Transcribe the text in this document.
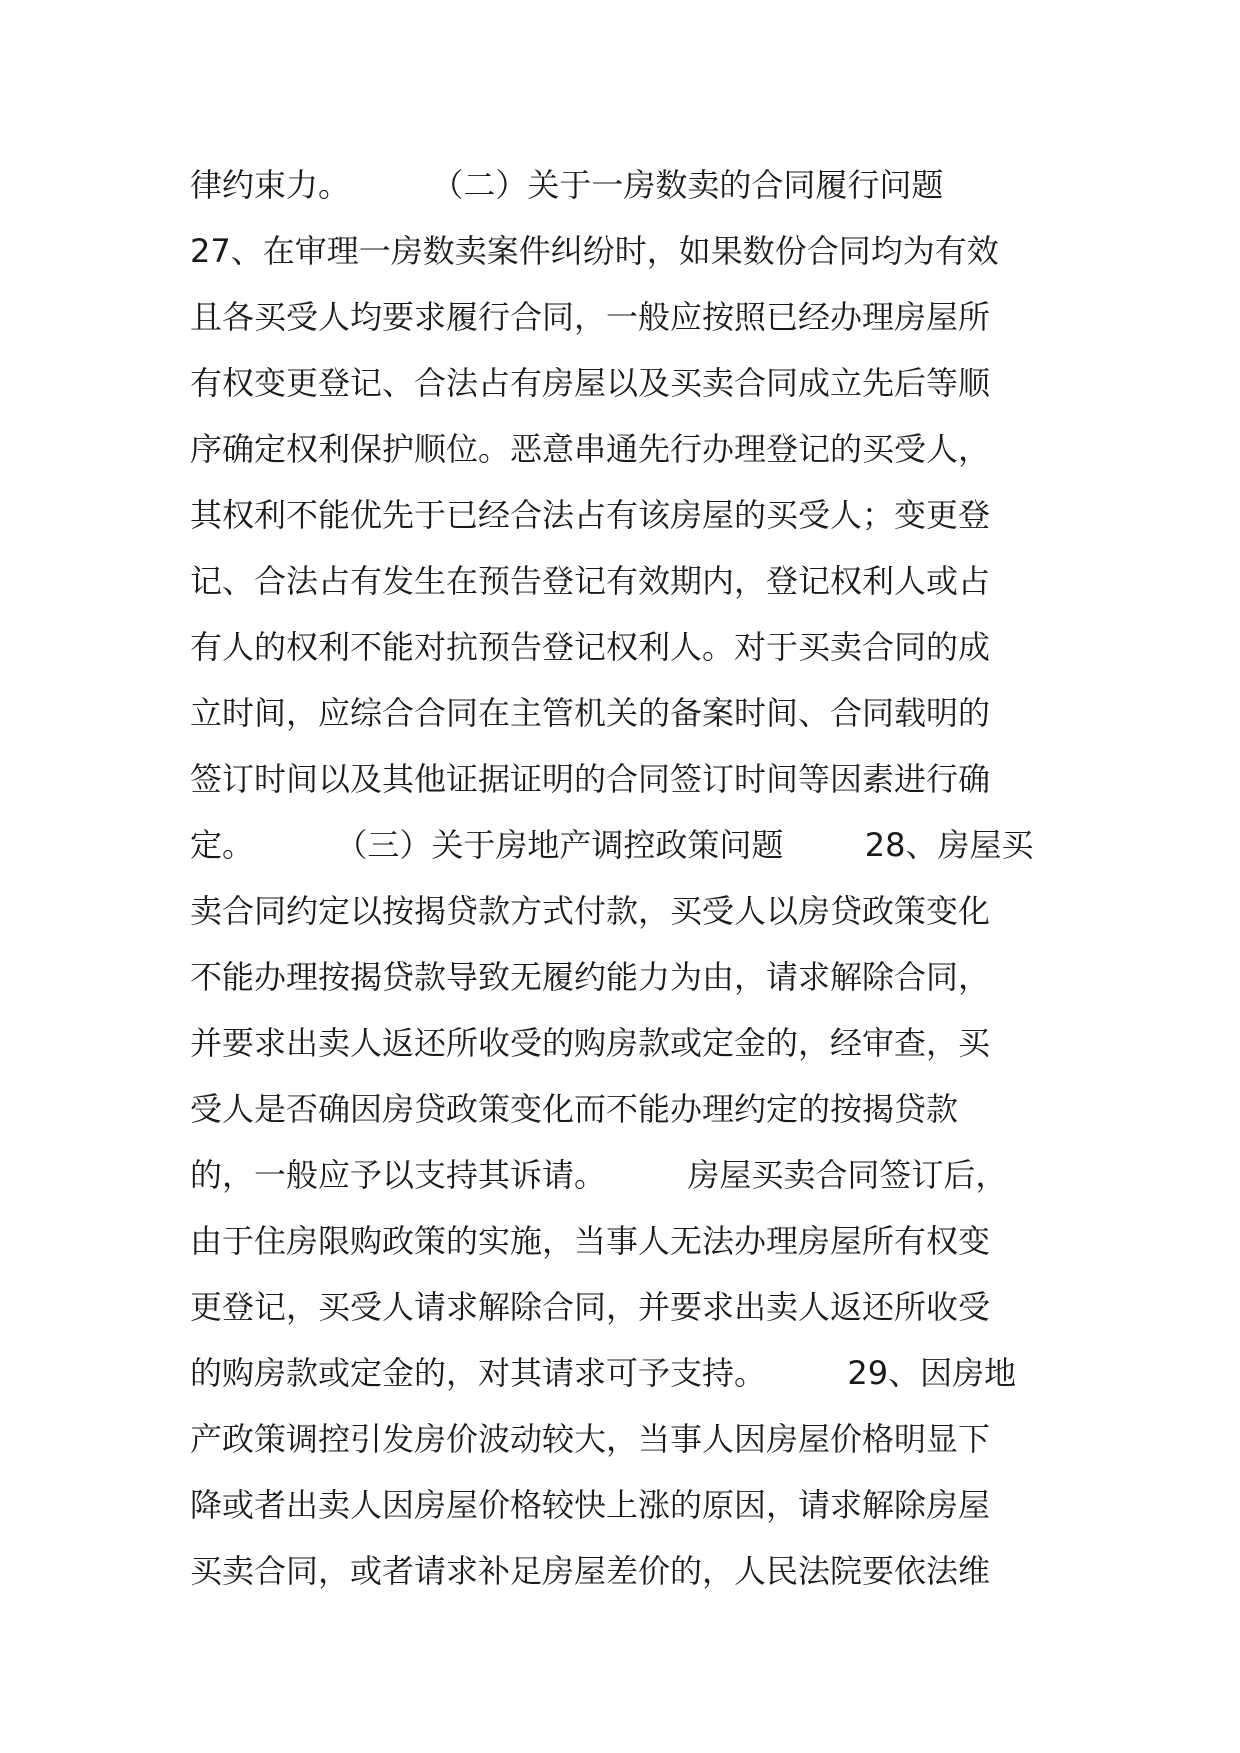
律约束力。        （二）关于一房数卖的合同履行问题
27、在审理一房数卖案件纠纷时，如果数份合同均为有效
且各买受人均要求履行合同，一般应按照已经办理房屋所
有权变更登记、合法占有房屋以及买卖合同成立先后等顺
序确定权利保护顺位。恶意串通先行办理登记的买受人，
其权利不能优先于已经合法占有该房屋的买受人；变更登
记、合法占有发生在预告登记有效期内，登记权利人或占
有人的权利不能对抗预告登记权利人。对于买卖合同的成
立时间，应综合合同在主管机关的备案时间、合同载明的
签订时间以及其他证据证明的合同签订时间等因素进行确
定。        （三）关于房地产调控政策问题        28、房屋买
卖合同约定以按揭贷款方式付款，买受人以房贷政策变化
不能办理按揭贷款导致无履约能力为由，请求解除合同，
并要求出卖人返还所收受的购房款或定金的，经审查，买
受人是否确因房贷政策变化而不能办理约定的按揭贷款
的，一般应予以支持其诉请。        房屋买卖合同签订后，
由于住房限购政策的实施，当事人无法办理房屋所有权变
更登记，买受人请求解除合同，并要求出卖人返还所收受
的购房款或定金的，对其请求可予支持。        29、因房地
产政策调控引发房价波动较大，当事人因房屋价格明显下
降或者出卖人因房屋价格较快上涨的原因，请求解除房屋
买卖合同，或者请求补足房屋差价的，人民法院要依法维
